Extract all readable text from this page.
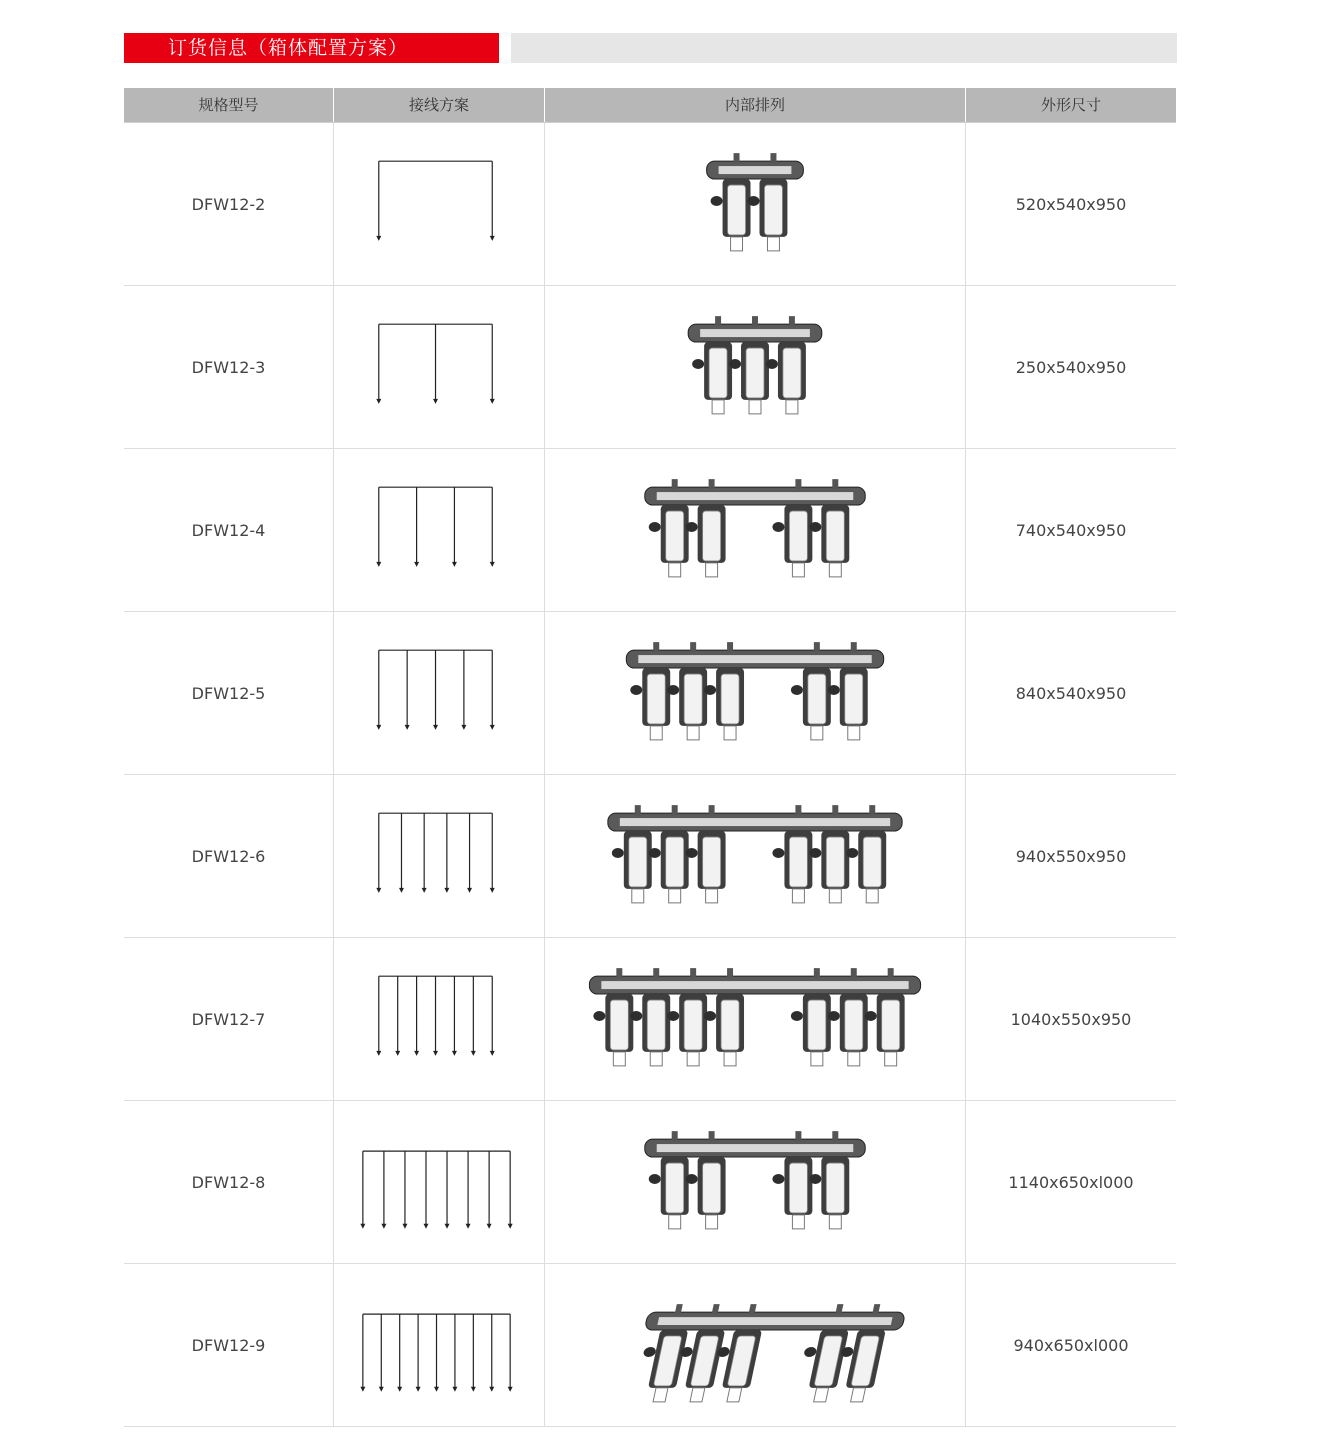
订货信息（箱体配置方案）
规格型号	接线方案	内部排列	外形尺寸
DFW12-2	520x540x950
DFW12-3	250x540x950
DFW12-4	740x540x950
DFW12-5	840x540x950
DFW12-6	940x550x950
DFW12-7	1040x550x950
DFW12-8	1140x650xl000
DFW12-9	940x650xl000
